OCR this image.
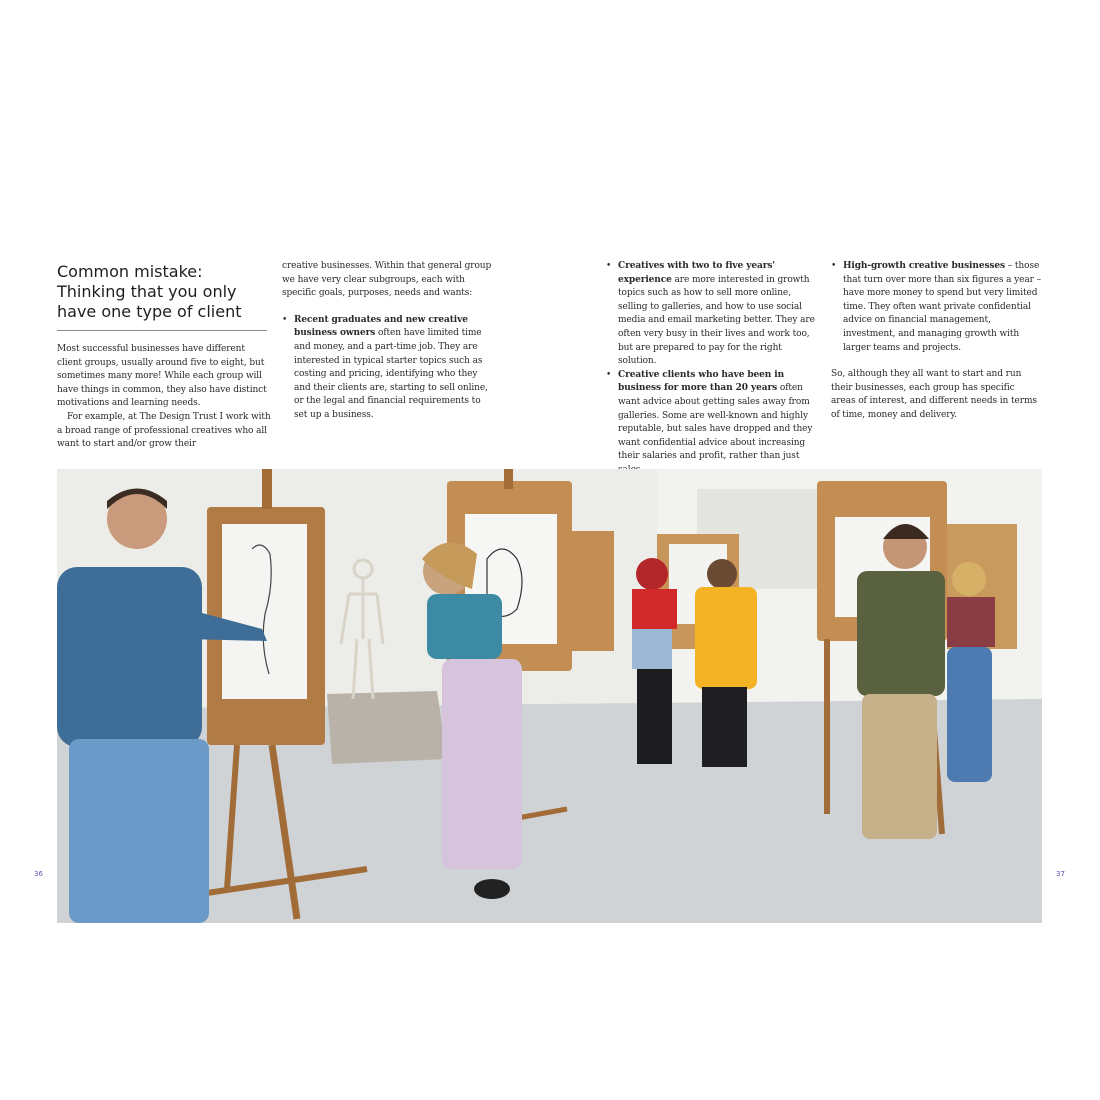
Common mistake:
Thinking that you only
have one type of client

Most successful businesses have different client groups, usually around five to eight, but sometimes many more! While each group will have things in common, they also have distinct motivations and learning needs.

For example, at The Design Trust I work with a broad range of professional creatives who all want to start and/or grow their

creative businesses. Within that general group we have very clear subgroups, each with specific goals, purposes, needs and wants:

• Recent graduates and new creative business owners often have limited time and money, and a part-time job. They are interested in typical starter topics such as costing and pricing, identifying who they and their clients are, starting to sell online, or the legal and financial requirements to set up a business.
• Creatives with two to five years' experience are more interested in growth topics such as how to sell more online, selling to galleries, and how to use social media and email marketing better. They are often very busy in their lives and work too, but are prepared to pay for the right solution.
• Creative clients who have been in business for more than 20 years often want advice about getting sales away from galleries. Some are well-known and highly reputable, but sales have dropped and they want confidential advice about increasing their salaries and profit, rather than just
• High-growth creative businesses – those that turn over more than six figures a year – have more money to spend but very limited time. They often want private confidential advice on financial management, investment, and managing growth with larger teams and projects.

So, although they all want to start and run their businesses, each group has specific areas of interest, and different needs in terms of time, money and delivery.

36	37
